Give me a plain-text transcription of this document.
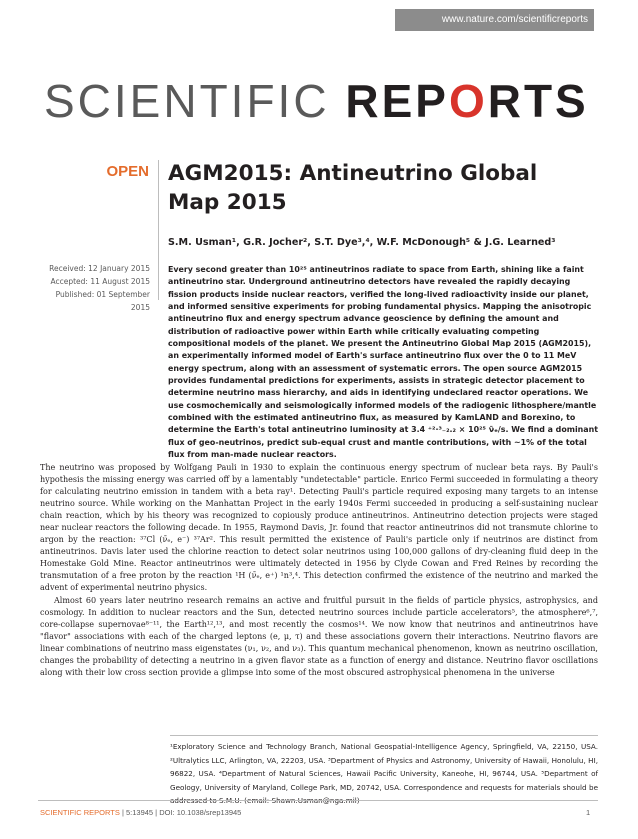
www.nature.com/scientificreports
SCIENTIFIC REPORTS
OPEN AGM2015: Antineutrino Global Map 2015

S.M. Usman¹, G.R. Jocher², S.T. Dye³,⁴, W.F. McDonough⁵ & J.G. Learned³

Received: 12 January 2015
Accepted: 11 August 2015
Published: 01 September 2015

Every second greater than 10²⁵ antineutrinos radiate to space from Earth, shining like a faint antineutrino star. Underground antineutrino detectors have revealed the rapidly decaying fission products inside nuclear reactors, verified the long-lived radioactivity inside our planet, and informed sensitive experiments for probing fundamental physics. Mapping the anisotropic antineutrino flux and energy spectrum advance geoscience by defining the amount and distribution of radioactive power within Earth while critically evaluating competing compositional models of the planet. We present the Antineutrino Global Map 2015 (AGM2015), an experimentally informed model of Earth's surface antineutrino flux over the 0 to 11 MeV energy spectrum, along with an assessment of systematic errors. The open source AGM2015 provides fundamental predictions for experiments, assists in strategic detector placement to determine neutrino mass hierarchy, and aids in identifying undeclared reactor operations. We use cosmochemically and seismologically informed models of the radiogenic lithosphere/mantle combined with the estimated antineutrino flux, as measured by KamLAND and Borexino, to determine the Earth's total antineutrino luminosity at 3.4 ⁺²·³₋₂.₂ × 10²⁵ ν̄ₑ/s. We find a dominant flux of geo-neutrinos, predict sub-equal crust and mantle contributions, with ~1% of the total flux from man-made nuclear reactors.

The neutrino was proposed by Wolfgang Pauli in 1930 to explain the continuous energy spectrum of nuclear beta rays. By Pauli's hypothesis the missing energy was carried off by a lamentably "undetectable" particle. Enrico Fermi succeeded in formulating a theory for calculating neutrino emission in tandem with a beta ray¹. Detecting Pauli's particle required exposing many targets to an intense neutrino source. While working on the Manhattan Project in the early 1940s Fermi succeeded in producing a self-sustaining nuclear chain reaction, which by his theory was recognized to copiously produce antineutrinos. Antineutrino detection projects were staged near nuclear reactors the following decade. In 1955, Raymond Davis, Jr. found that reactor antineutrinos did not transmute chlorine to argon by the reaction: ³⁷Cl (ν̄ₑ, e⁻) ³⁷Ar². This result permitted the existence of Pauli's particle only if neutrinos are distinct from antineutrinos. Davis later used the chlorine reaction to detect solar neutrinos using 100,000 gallons of dry-cleaning fluid deep in the Homestake Gold Mine. Reactor antineutrinos were ultimately detected in 1956 by Clyde Cowan and Fred Reines by recording the transmutation of a free proton by the reaction ¹H (ν̄ₑ, e⁺) ¹n³,⁴. This detection confirmed the existence of the neutrino and marked the advent of experimental neutrino physics.

Almost 60 years later neutrino research remains an active and fruitful pursuit in the fields of particle physics, astrophysics, and cosmology. In addition to nuclear reactors and the Sun, detected neutrino sources include particle accelerators⁵, the atmosphere⁶,⁷, core-collapse supernovae⁸⁻¹¹, the Earth¹²,¹³, and most recently the cosmos¹⁴. We now know that neutrinos and antineutrinos have "flavor" associations with each of the charged leptons (e, μ, τ) and these associations govern their interactions. Neutrino flavors are linear combinations of neutrino mass eigenstates (ν₁, ν₂, and ν₃). This quantum mechanical phenomenon, known as neutrino oscillation, changes the probability of detecting a neutrino in a given flavor state as a function of energy and distance. Neutrino flavor oscillations along with their low cross section provide a glimpse into some of the most obscured astrophysical phenomena in the universe

¹Exploratory Science and Technology Branch, National Geospatial-Intelligence Agency, Springfield, VA, 22150, USA. ²Ultralytics LLC, Arlington, VA, 22203, USA. ³Department of Physics and Astronomy, University of Hawaii, Honolulu, HI, 96822, USA. ⁴Department of Natural Sciences, Hawaii Pacific University, Kaneohe, HI, 96744, USA. ⁵Department of Geology, University of Maryland, College Park, MD, 20742, USA. Correspondence and requests for materials should be

SCIENTIFIC REPORTS | 5:13945 | DOI: 10.1038/srep13945	1
